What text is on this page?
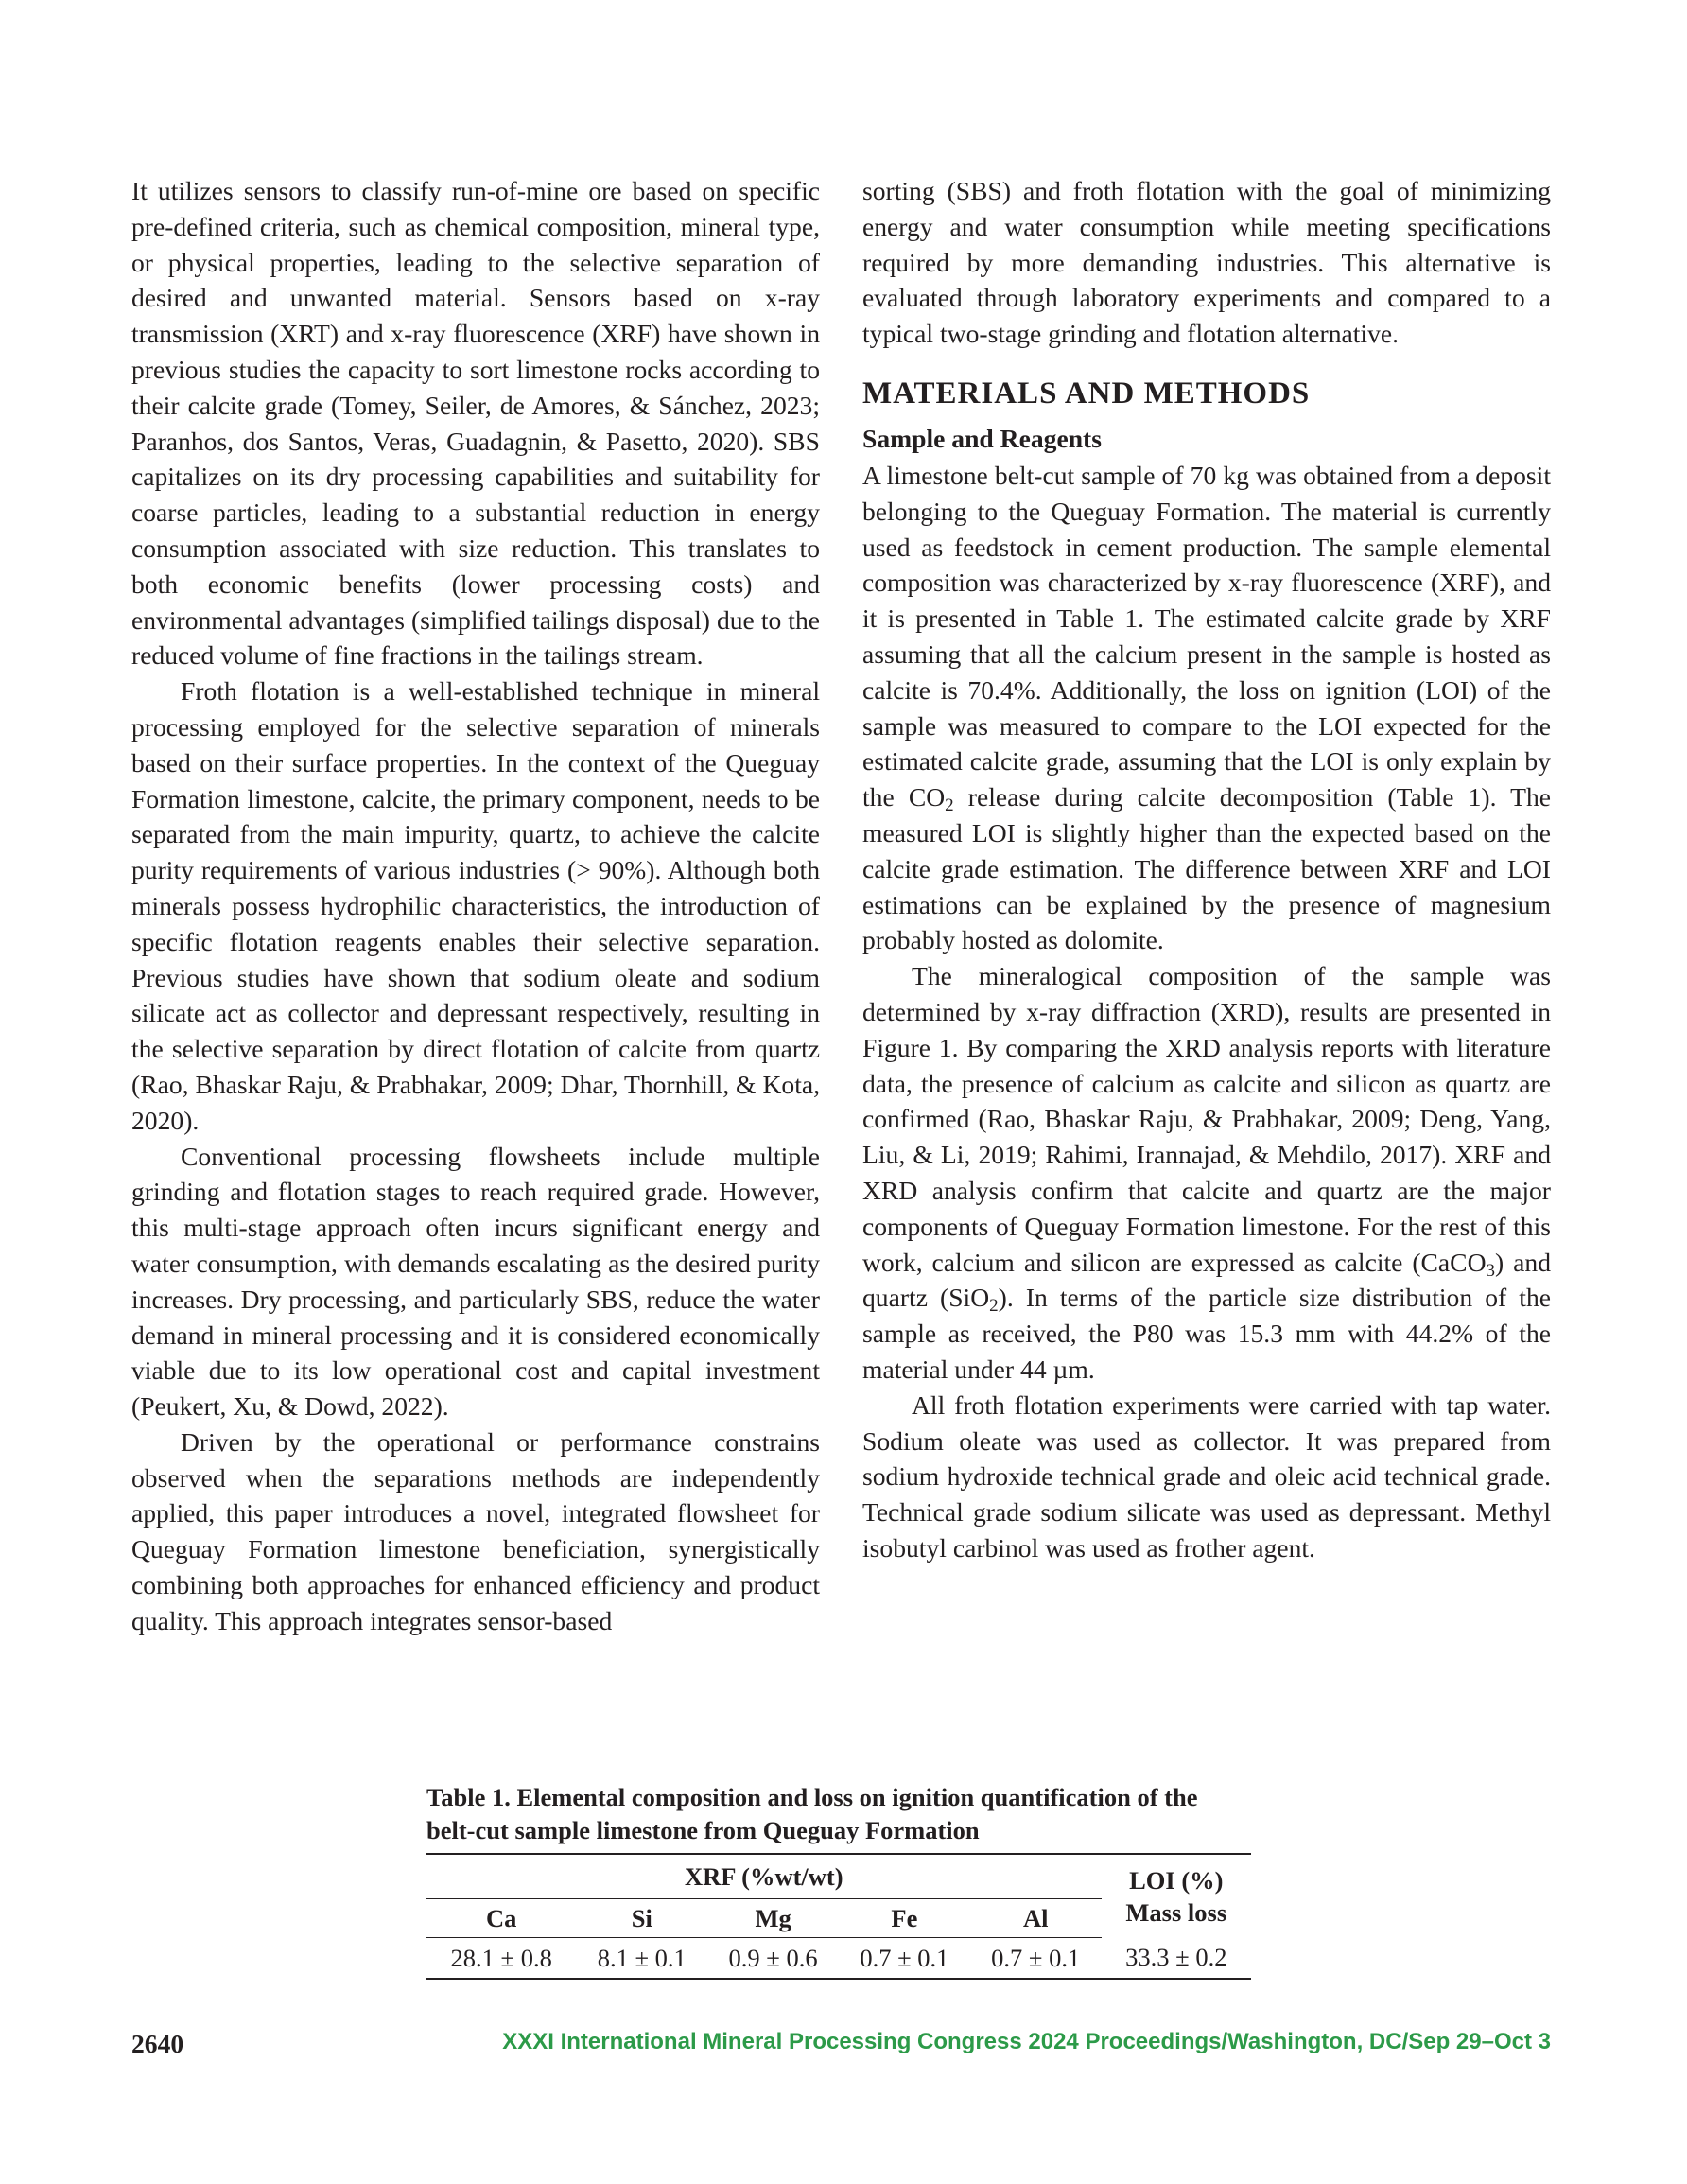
It utilizes sensors to classify run-of-mine ore based on specific pre-defined criteria, such as chemical composition, mineral type, or physical properties, leading to the selective separation of desired and unwanted material. Sensors based on x-ray transmission (XRT) and x-ray fluorescence (XRF) have shown in previous studies the capacity to sort limestone rocks according to their calcite grade (Tomey, Seiler, de Amores, & Sánchez, 2023; Paranhos, dos Santos, Veras, Guadagnin, & Pasetto, 2020). SBS capitalizes on its dry processing capabilities and suitability for coarse particles, leading to a substantial reduction in energy consumption associated with size reduction. This translates to both economic benefits (lower processing costs) and environmental advantages (simplified tailings disposal) due to the reduced volume of fine fractions in the tailings stream.

Froth flotation is a well-established technique in mineral processing employed for the selective separation of minerals based on their surface properties. In the context of the Queguay Formation limestone, calcite, the primary component, needs to be separated from the main impurity, quartz, to achieve the calcite purity requirements of various industries (> 90%). Although both minerals possess hydrophilic characteristics, the introduction of specific flotation reagents enables their selective separation. Previous studies have shown that sodium oleate and sodium silicate act as collector and depressant respectively, resulting in the selective separation by direct flotation of calcite from quartz (Rao, Bhaskar Raju, & Prabhakar, 2009; Dhar, Thornhill, & Kota, 2020).

Conventional processing flowsheets include multiple grinding and flotation stages to reach required grade. However, this multi-stage approach often incurs significant energy and water consumption, with demands escalating as the desired purity increases. Dry processing, and particularly SBS, reduce the water demand in mineral processing and it is considered economically viable due to its low operational cost and capital investment (Peukert, Xu, & Dowd, 2022).

Driven by the operational or performance constrains observed when the separations methods are independently applied, this paper introduces a novel, integrated flowsheet for Queguay Formation limestone beneficiation, synergistically combining both approaches for enhanced efficiency and product quality. This approach integrates sensor-based

sorting (SBS) and froth flotation with the goal of minimizing energy and water consumption while meeting specifications required by more demanding industries. This alternative is evaluated through laboratory experiments and compared to a typical two-stage grinding and flotation alternative.

MATERIALS AND METHODS
Sample and Reagents

A limestone belt-cut sample of 70 kg was obtained from a deposit belonging to the Queguay Formation. The material is currently used as feedstock in cement production. The sample elemental composition was characterized by x-ray fluorescence (XRF), and it is presented in Table 1. The estimated calcite grade by XRF assuming that all the calcium present in the sample is hosted as calcite is 70.4%. Additionally, the loss on ignition (LOI) of the sample was measured to compare to the LOI expected for the estimated calcite grade, assuming that the LOI is only explain by the $CO_2$ release during calcite decomposition (Table 1). The measured LOI is slightly higher than the expected based on the calcite grade estimation. The difference between XRF and LOI estimations can be explained by the presence of magnesium probably hosted as dolomite.

The mineralogical composition of the sample was determined by x-ray diffraction (XRD), results are presented in Figure 1. By comparing the XRD analysis reports with literature data, the presence of calcium as calcite and silicon as quartz are confirmed (Rao, Bhaskar Raju, & Prabhakar, 2009; Deng, Yang, Liu, & Li, 2019; Rahimi, Irannajad, & Mehdilo, 2017). XRF and XRD analysis confirm that calcite and quartz are the major components of Queguay Formation limestone. For the rest of this work, calcium and silicon are expressed as calcite (CaCO$_3$) and quartz (SiO$_2$). In terms of the particle size distribution of the sample as received, the P80 was 15.3 mm with 44.2% of the material under 44 µm.

All froth flotation experiments were carried with tap water. Sodium oleate was used as collector. It was prepared from sodium hydroxide technical grade and oleic acid technical grade. Technical grade sodium silicate was used as depressant. Methyl isobutyl carbinol was used as frother agent.

Table 1. Elemental composition and loss on ignition quantification of the belt-cut sample limestone from Queguay Formation
XRF (%wt/wt)					LOI (%)
Mass loss
Ca	Si	Mg	Fe	Al	
28.1 ± 0.8	8.1 ± 0.1	0.9 ± 0.6	0.7 ± 0.1	0.7 ± 0.1	33.3 ± 0.2
2640	XXXI International Mineral Processing Congress 2024 Proceedings/Washington, DC/Sep 29–Oct 3
